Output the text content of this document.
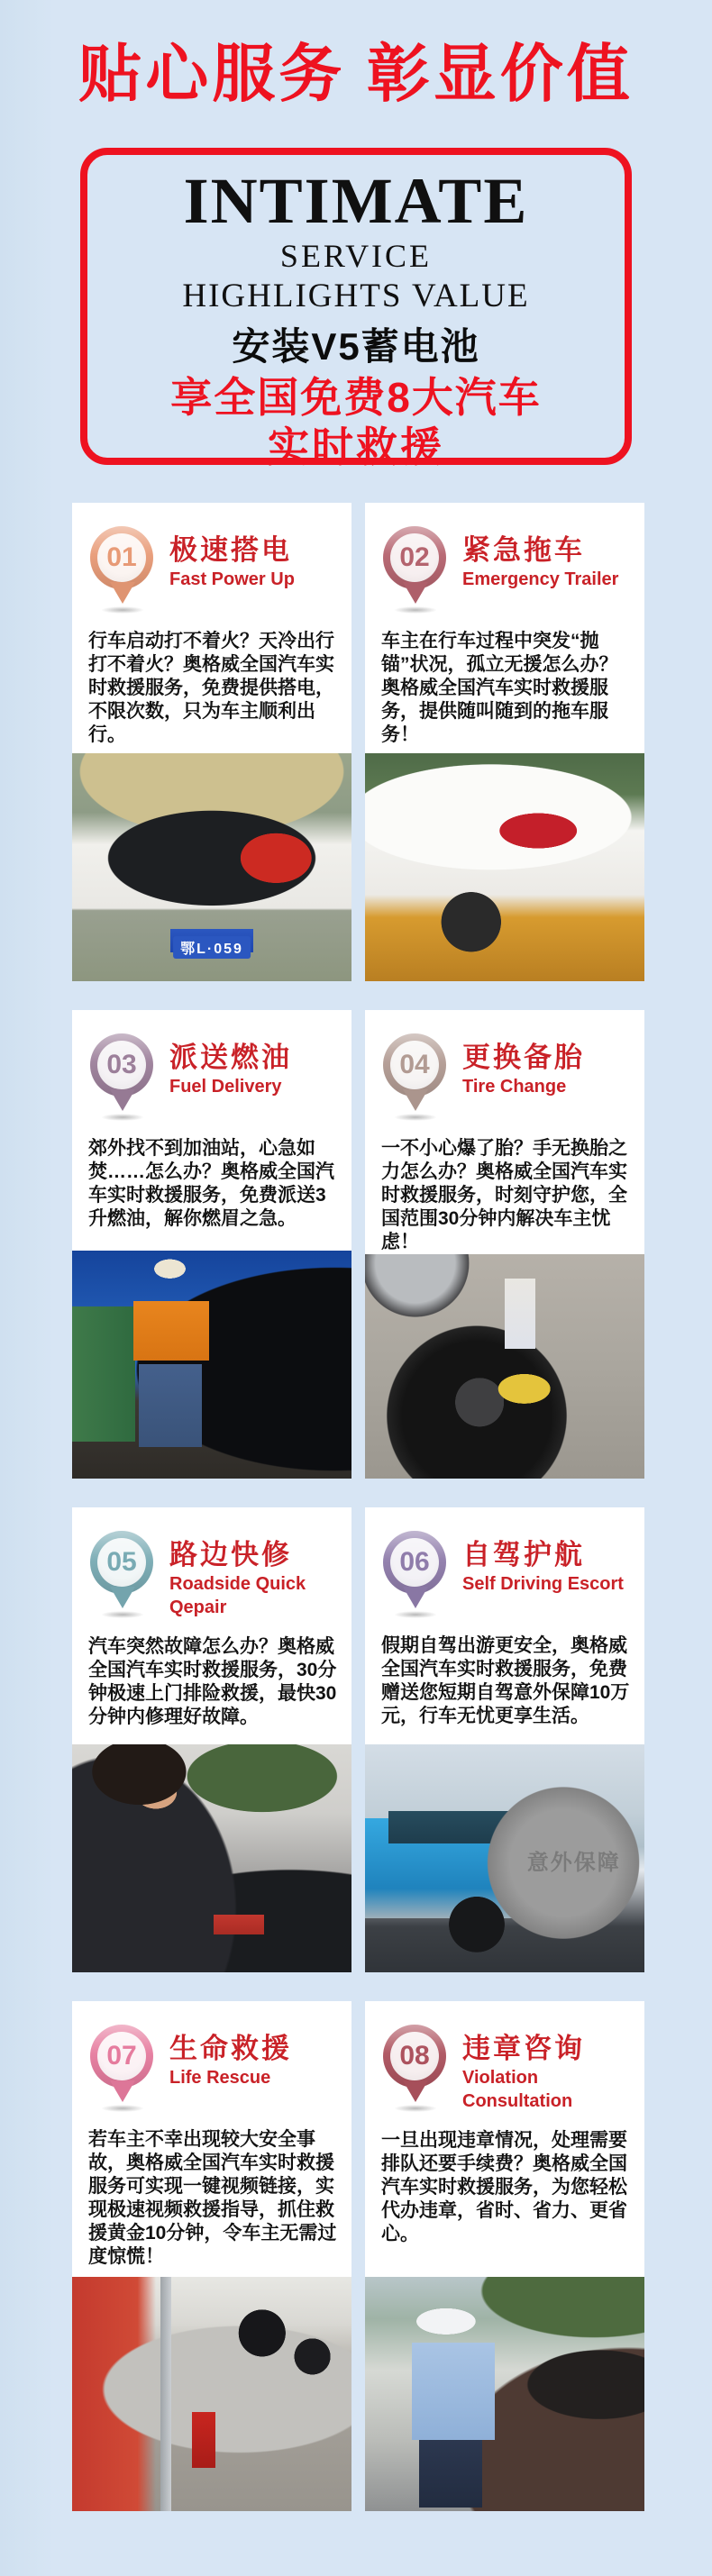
贴心服务 彰显价值
INTIMATE
SERVICE
HIGHLIGHTS VALUE
安装V5蓄电池
享全国免费8大汽车
实时救援
01	极速搭电
Fast Power Up
行车启动打不着火？天冷出行打不着火？奥格威全国汽车实时救援服务，免费提供搭电，不限次数，只为车主顺利出行。
鄂L·059
02	紧急拖车
Emergency Trailer
车主在行车过程中突发“抛锚”状况，孤立无援怎么办？奥格威全国汽车实时救援服务，提供随叫随到的拖车服务！
03	派送燃油
Fuel Delivery
郊外找不到加油站，心急如焚……怎么办？奥格威全国汽车实时救援服务，免费派送3升燃油，解你燃眉之急。
04	更换备胎
Tire Change
一不小心爆了胎？手无换胎之力怎么办？奥格威全国汽车实时救援服务，时刻守护您，全国范围30分钟内解决车主忧虑！
05	路边快修
Roadside Quick Qepair
汽车突然故障怎么办？奥格威全国汽车实时救援服务，30分钟极速上门排险救援，最快30分钟内修理好故障。
06	自驾护航
Self Driving Escort
假期自驾出游更安全，奥格威全国汽车实时救援服务，免费赠送您短期自驾意外保障10万元，行车无忧更享生活。
意外保障
07	生命救援
Life Rescue
若车主不幸出现较大安全事故，奥格威全国汽车实时救援服务可实现一键视频链接，实现极速视频救援指导，抓住救援黄金10分钟，令车主无需过度惊慌！
08	违章咨询
Violation Consultation
一旦出现违章情况，处理需要排队还要手续费？奥格威全国汽车实时救援服务，为您轻松代办违章，省时、省力、更省心。
